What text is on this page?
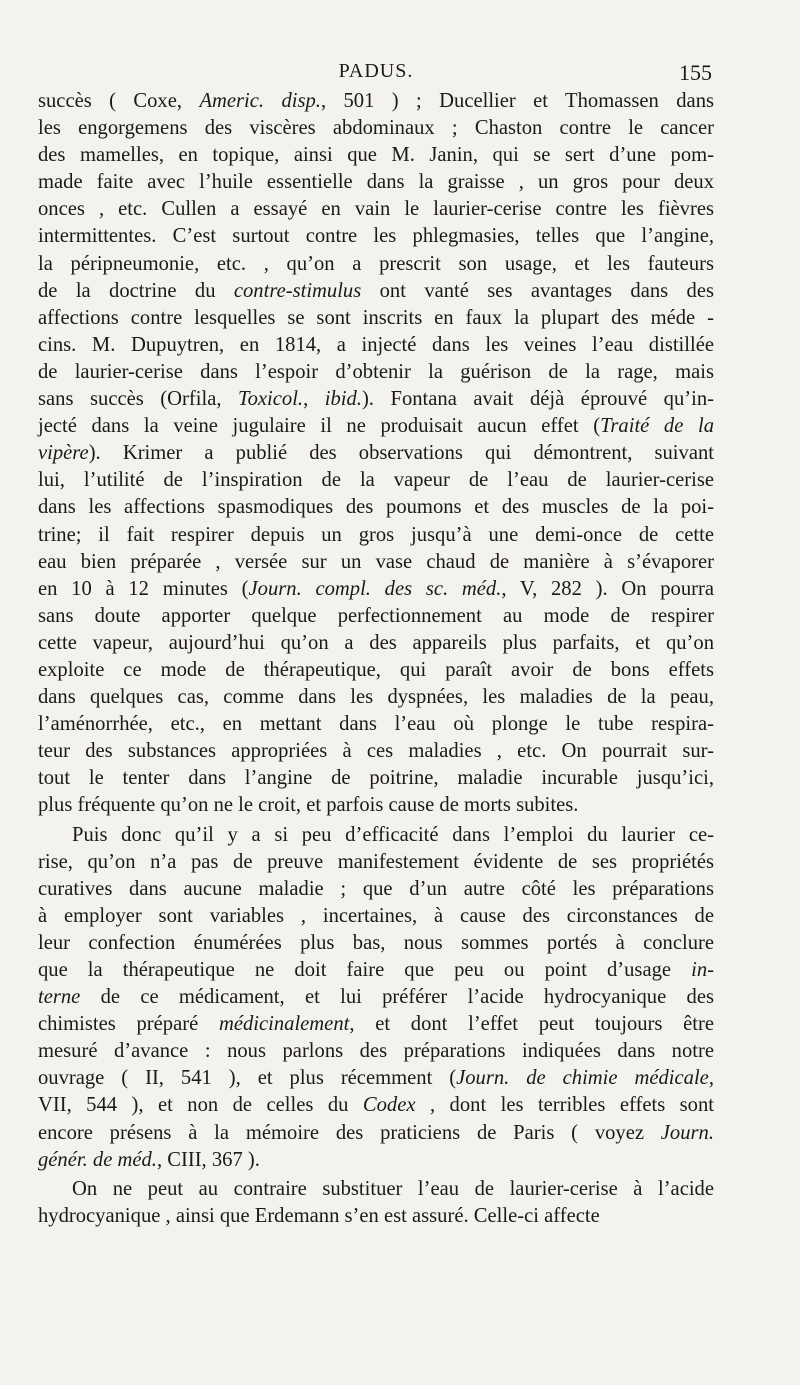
PADUS.	155

succès ( Coxe, Americ. disp., 501 ) ; Ducellier et Thomassen dans
les engorgemens des viscères abdominaux ; Chaston contre le cancer
des mamelles, en topique, ainsi que M. Janin, qui se sert d’une pom-
made faite avec l’huile essentielle dans la graisse , un gros pour deux
onces , etc. Cullen a essayé en vain le laurier-cerise contre les fièvres
intermittentes. C’est surtout contre les phlegmasies, telles que l’angine,
la péripneumonie, etc. , qu’on a prescrit son usage, et les fauteurs
de la doctrine du contre-stimulus ont vanté ses avantages dans des
affections contre lesquelles se sont inscrits en faux la plupart des méde -
cins. M. Dupuytren, en 1814, a injecté dans les veines l’eau distillée
de laurier-cerise dans l’espoir d’obtenir la guérison de la rage, mais
sans succès (Orfila, Toxicol., ibid.). Fontana avait déjà éprouvé qu’in-
jecté dans la veine jugulaire il ne produisait aucun effet (Traité de la
vipère). Krimer a publié des observations qui démontrent, suivant
lui, l’utilité de l’inspiration de la vapeur de l’eau de laurier-cerise
dans les affections spasmodiques des poumons et des muscles de la poi-
trine; il fait respirer depuis un gros jusqu’à une demi-once de cette
eau bien préparée , versée sur un vase chaud de manière à s’évaporer
en 10 à 12 minutes (Journ. compl. des sc. méd., V, 282 ). On pourra
sans doute apporter quelque perfectionnement au mode de respirer
cette vapeur, aujourd’hui qu’on a des appareils plus parfaits, et qu’on
exploite ce mode de thérapeutique, qui paraît avoir de bons effets
dans quelques cas, comme dans les dyspnées, les maladies de la peau,
l’aménorrhée, etc., en mettant dans l’eau où plonge le tube respira-
teur des substances appropriées à ces maladies , etc. On pourrait sur-
tout le tenter dans l’angine de poitrine, maladie incurable jusqu’ici,
plus fréquente qu’on ne le croit, et parfois cause de morts subites.

Puis donc qu’il y a si peu d’efficacité dans l’emploi du laurier ce-
rise, qu’on n’a pas de preuve manifestement évidente de ses propriétés
curatives dans aucune maladie ; que d’un autre côté les préparations
à employer sont variables , incertaines, à cause des circonstances de
leur confection énumérées plus bas, nous sommes portés à conclure
que la thérapeutique ne doit faire que peu ou point d’usage in-
terne de ce médicament, et lui préférer l’acide hydrocyanique des
chimistes préparé médicinalement, et dont l’effet peut toujours être
mesuré d’avance : nous parlons des préparations indiquées dans notre
ouvrage ( II, 541 ), et plus récemment (Journ. de chimie médicale,
VII, 544 ), et non de celles du Codex , dont les terribles effets sont
encore présens à la mémoire des praticiens de Paris ( voyez Journ.
génér. de méd., CIII, 367 ).

On ne peut au contraire substituer l’eau de laurier-cerise à l’acide
hydrocyanique , ainsi que Erdemann s’en est assuré. Celle-ci affecte
